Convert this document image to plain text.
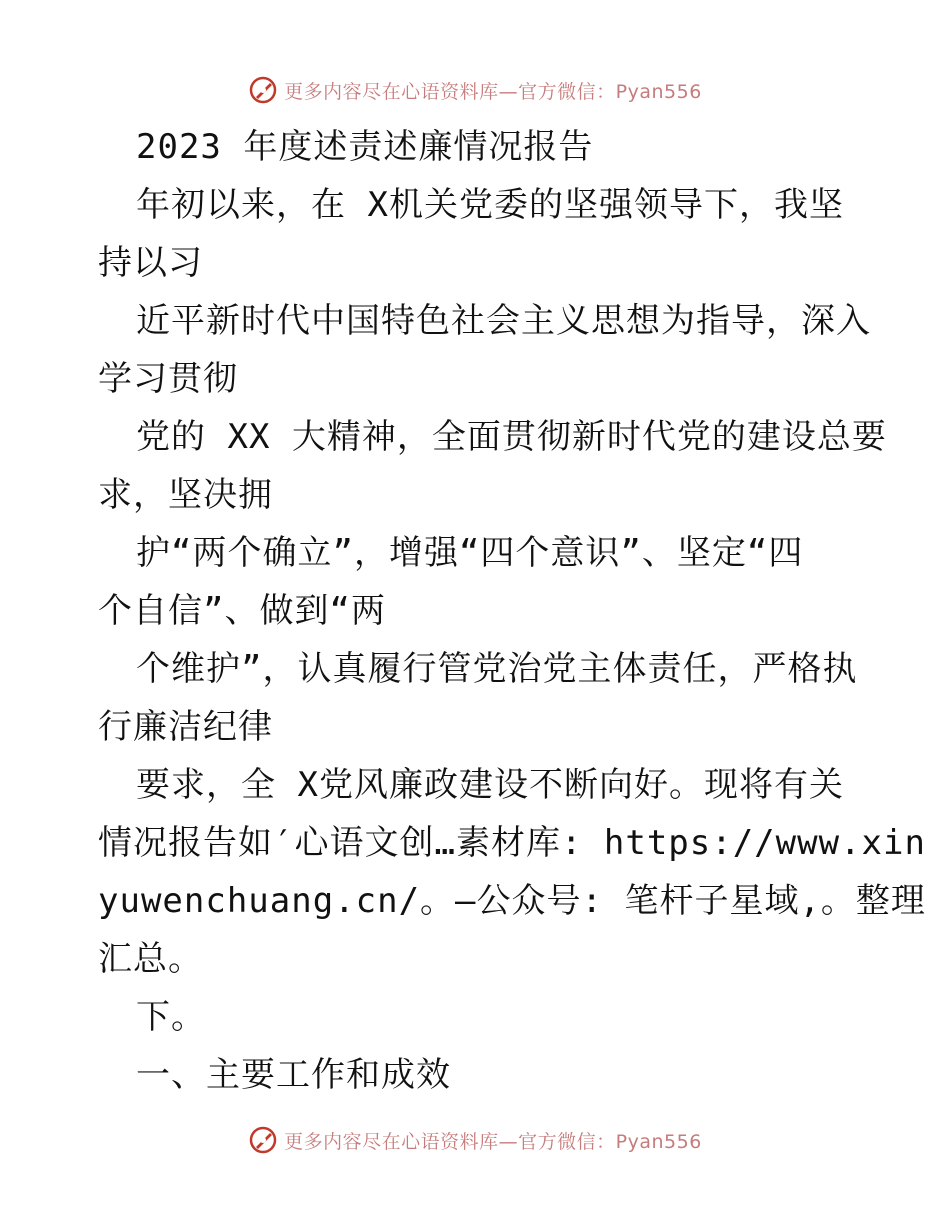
更多内容尽在心语资料库—官方微信：Pyan556
2023 年度述责述廉情况报告
年初以来，在 X机关党委的坚强领导下，我坚
持以习
近平新时代中国特色社会主义思想为指导，深入
学习贯彻
党的 XX 大精神，全面贯彻新时代党的建设总要
求，坚决拥
护“两个确立”，增强“四个意识”、坚定“四
个自信”、做到“两
个维护”，认真履行管党治党主体责任，严格执
行廉洁纪律
要求，全 X党风廉政建设不断向好。现将有关
情况报告如′心语文创…素材库: https://www.xin
yuwenchuang.cn/。—公众号: 笔杆子星域,。整理
汇总。
下。
一、主要工作和成效
更多内容尽在心语资料库—官方微信：Pyan556
